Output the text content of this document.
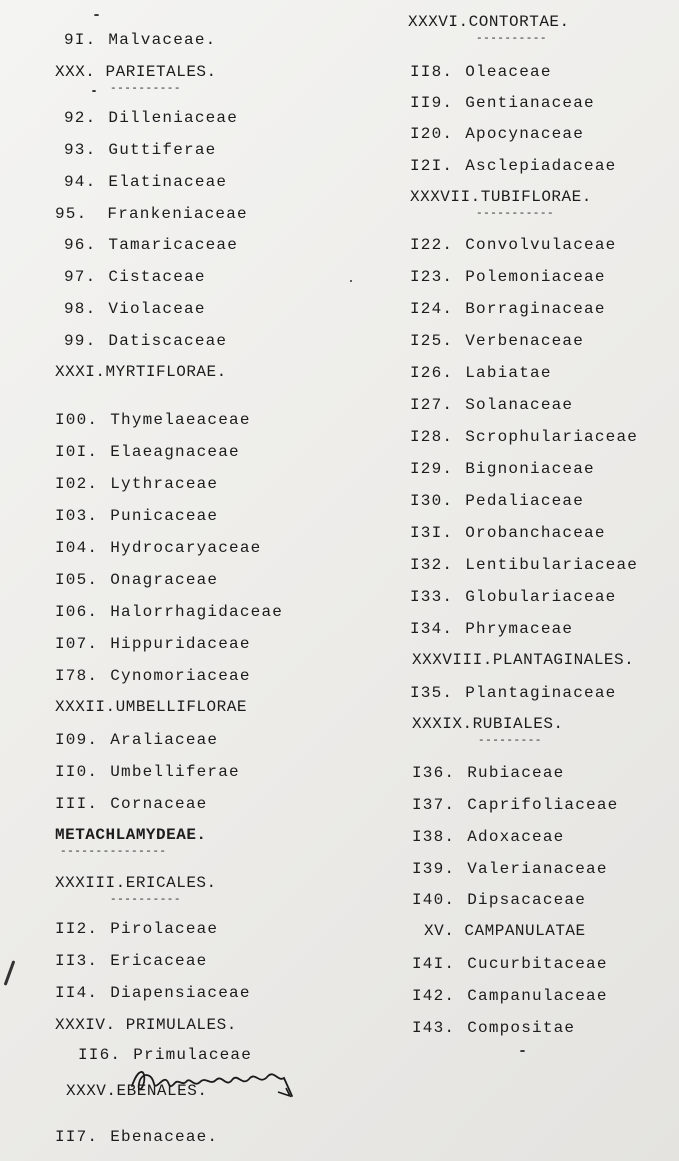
9I. Malvaceae.
XXX. PARIETALES.
----------
92. Dilleniaceae
93. Guttiferae
94. Elatinaceae
95. Frankeniaceae
96. Tamaricaceae
97. Cistaceae
98. Violaceae
99. Datiscaceae
XXXI.MYRTIFLORAE.
I00. Thymelaeaceae
I0I. Elaeagnaceae
I02. Lythraceae
I03. Punicaceae
I04. Hydrocaryaceae
I05. Onagraceae
I06. Halorrhagidaceae
I07. Hippuridaceae
I78. Cynomoriaceae
XXXII.UMBELLIFLORAE
I09. Araliaceae
II0. Umbelliferae
III. Cornaceae
METACHLAMYDEAE.
---------------
XXXIII.ERICALES.
----------
II2. Pirolaceae
II3. Ericaceae
II4. Diapensiaceae
XXXIV. PRIMULALES.
II6. Primulaceae
XXXV.EBENALES.
II7. Ebenaceae.
XXXVI.CONTORTAE.
----------
II8. Oleaceae
II9. Gentianaceae
I20. Apocynaceae
I2I. Asclepiadaceae
XXXVII.TUBIFLORAE.
-----------
I22. Convolvulaceae
I23. Polemoniaceae
I24. Borraginaceae
I25. Verbenaceae
I26. Labiatae
I27. Solanaceae
I28. Scrophulariaceae
I29. Bignoniaceae
I30. Pedaliaceae
I3I. Orobanchaceae
I32. Lentibulariaceae
I33. Globulariaceae
I34. Phrymaceae
XXXVIII.PLANTAGINALES.
I35. Plantaginaceae
XXXIX.RUBIALES.
---------
I36. Rubiaceae
I37. Caprifoliaceae
I38. Adoxaceae
I39. Valerianaceae
I40. Dipsacaceae
XV. CAMPANULATAE
I4I. Cucurbitaceae
I42. Campanulaceae
I43. Compositae
